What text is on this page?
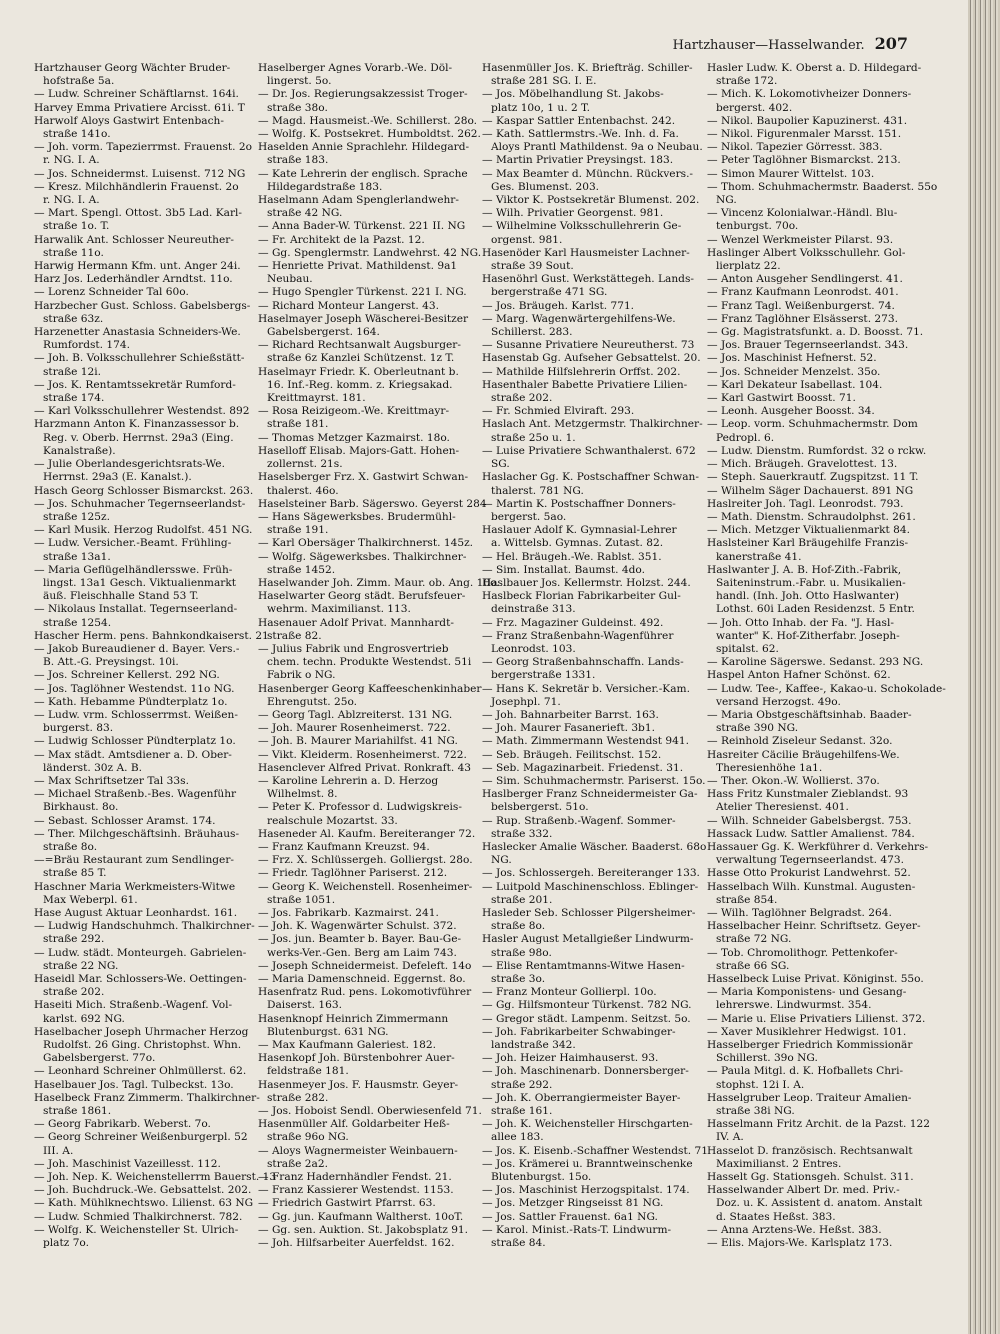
Hartzhauser—Hasselwander. 207
Hartzhauser Georg Wächter Bruder-
hofstraße 5a.
— Ludw. Schreiner Schäftlarnst. 164i.
Harvey Emma Privatiere Arcisst. 61i. T
Harwolf Aloys Gastwirt Entenbach-
straße 141o.
— Joh. vorm. Tapezierrmst. Frauenst. 2o
r. NG. I. A.
— Jos. Schneidermst. Luisenst. 712 NG
— Kresz. Milchhändlerin Frauenst. 2o
r. NG. I. A.
— Mart. Spengl. Ottost. 3b5 Lad. Karl-
straße 1o. T.
Harwalik Ant. Schlosser Neureuther-
straße 11o.
Harwig Hermann Kfm. unt. Anger 24i.
Harz Jos. Lederhändler Arndtst. 11o.
— Lorenz Schneider Tal 60o.
Harzbecher Gust. Schloss. Gabelsbergs-
straße 63z.
Harzenetter Anastasia Schneiders-We.
Rumfordst. 174.
— Joh. B. Volksschullehrer Schießstätt-
straße 12i.
— Jos. K. Rentamtssekretär Rumford-
straße 174.
— Karl Volksschullehrer Westendst. 892
Harzmann Anton K. Finanzassessor b.
Reg. v. Oberb. Herrnst. 29a3 (Eing.
Kanalstraße).
— Julie Oberlandesgerichtsrats-We.
Herrnst. 29a3 (E. Kanalst.).
Hasch Georg Schlosser Bismarckst. 263.
— Jos. Schuhmacher Tegernseerlandst-
straße 125z.
— Karl Musik. Herzog Rudolfst. 451 NG.
— Ludw. Versicher.-Beamt. Frühling-
straße 13a1.
— Maria Geflügelhändlersswe. Früh-
lingst. 13a1 Gesch. Viktualienmarkt
äuß. Fleischhalle Stand 53 T.
— Nikolaus Installat. Tegernseerland-
straße 1254.
Hascher Herm. pens. Bahnkondkaiserst. 21
— Jakob Bureaudiener d. Bayer. Vers.-
B. Att.-G. Preysingst. 10i.
— Jos. Schreiner Kellerst. 292 NG.
— Jos. Taglöhner Westendst. 11o NG.
— Kath. Hebamme Pündterplatz 1o.
— Ludw. vrm. Schlosserrmst. Weißen-
burgerst. 83.
— Ludwig Schlosser Pündterplatz 1o.
— Max städt. Amtsdiener a. D. Ober-
länderst. 30z A. B.
— Max Schriftsetzer Tal 33s.
— Michael Straßenb.-Bes. Wagenführ
Birkhaust. 8o.
— Sebast. Schlosser Aramst. 174.
— Ther. Milchgeschäftsinh. Bräuhaus-
straße 8o.
—=Bräu Restaurant zum Sendlinger-
straße 85 T.
Haschner Maria Werkmeisters-Witwe
Max Weberpl. 61.
Hase August Aktuar Leonhardst. 161.
— Ludwig Handschuhmch. Thalkirchner-
straße 292.
— Ludw. städt. Monteurgeh. Gabrielen-
straße 22 NG.
Haseidl Mar. Schlossers-We. Oettingen-
straße 202.
Haseiti Mich. Straßenb.-Wagenf. Vol-
karlst. 692 NG.
Haselbacher Joseph Uhrmacher Herzog
Rudolfst. 26 Ging. Christophst. Whn.
Gabelsbergerst. 77o.
— Leonhard Schreiner Ohlmüllerst. 62.
Haselbauer Jos. Tagl. Tulbeckst. 13o.
Haselbeck Franz Zimmerm. Thalkirchner-
straße 1861.
— Georg Fabrikarb. Weberst. 7o.
— Georg Schreiner Weißenburgerpl. 52
III. A.
— Joh. Maschinist Vazeillesst. 112.
— Joh. Nep. K. Weichenstellerrm Bauerst. 13
— Joh. Buchdruck.-We. Gebsattelst. 202.
— Kath. Mühlknechtswo. Lilienst. 63 NG
— Ludw. Schmied Thalkirchnerst. 782.
— Wolfg. K. Weichensteller St. Ulrich-
platz 7o.
Haselberger Agnes Vorarb.-We. Döl-
lingerst. 5o.
— Dr. Jos. Regierungsakzessist Troger-
straße 38o.
— Magd. Hausmeist.-We. Schillerst. 28o.
— Wolfg. K. Postsekret. Humboldtst. 262.
Haselden Annie Sprachlehr. Hildegard-
straße 183.
— Kate Lehrerin der englisch. Sprache
Hildegardstraße 183.
Haselmann Adam Spenglerlandwehr-
straße 42 NG.
— Anna Bader-W. Türkenst. 221 II. NG
— Fr. Architekt de la Pazst. 12.
— Gg. Spenglermstr. Landwehrst. 42 NG.
— Henriette Privat. Mathildenst. 9a1
Neubau.
— Hugo Spengler Türkenst. 221 I. NG.
— Richard Monteur Langerst. 43.
Haselmayer Joseph Wäscherei-Besitzer
Gabelsbergerst. 164.
— Richard Rechtsanwalt Augsburger-
straße 6z Kanzlei Schützenst. 1z T.
Haselmayr Friedr. K. Oberleutnant b.
16. Inf.-Reg. komm. z. Kriegsakad.
Kreittmayrst. 181.
— Rosa Reizigeom.-We. Kreittmayr-
straße 181.
— Thomas Metzger Kazmairst. 18o.
Haselloff Elisab. Majors-Gatt. Hohen-
zollernst. 21s.
Haselsberger Frz. X. Gastwirt Schwan-
thalerst. 46o.
Haselsteiner Barb. Sägerswo. Geyerst 284
— Hans Sägewerksbes. Brudermühl-
straße 191.
— Karl Obersäger Thalkirchnerst. 145z.
— Wolfg. Sägewerksbes. Thalkirchner-
straße 1452.
Haselwander Joh. Zimm. Maur. ob. Ang. 10o.
Haselwarter Georg städt. Berufsfeuer-
wehrm. Maximilianst. 113.
Hasenauer Adolf Privat. Mannhardt-
straße 82.
— Julius Fabrik und Engrosvertrieb
chem. techn. Produkte Westendst. 51i
Fabrik o NG.
Hasenberger Georg Kaffeeschenkinhaber
Ehrengutst. 25o.
— Georg Tagl. Ablzreiterst. 131 NG.
— Joh. Maurer Rosenheimerst. 722.
— Joh. B. Maurer Mariahilfst. 41 NG.
— Vikt. Kleiderm. Rosenheimerst. 722.
Hasenclever Alfred Privat. Ronkraft. 43
— Karoline Lehrerin a. D. Herzog
Wilhelmst. 8.
— Peter K. Professor d. Ludwigskreis-
realschule Mozartst. 33.
Haseneder Al. Kaufm. Bereiteranger 72.
— Franz Kaufmann Kreuzst. 94.
— Frz. X. Schlüssergeh. Golliergst. 28o.
— Friedr. Taglöhner Pariserst. 212.
— Georg K. Weichenstell. Rosenheimer-
straße 1051.
— Jos. Fabrikarb. Kazmairst. 241.
— Joh. K. Wagenwärter Schulst. 372.
— Jos. jun. Beamter b. Bayer. Bau-Ge-
werks-Ver.-Gen. Berg am Laim 743.
— Joseph Schneidermeist. Defeleft. 14o
— Maria Damenschneid. Eggernst. 8o.
Hasenfratz Rud. pens. Lokomotivführer
Daiserst. 163.
Hasenknopf Heinrich Zimmermann
Blutenburgst. 631 NG.
— Max Kaufmann Galeriest. 182.
Hasenkopf Joh. Bürstenbohrer Auer-
feldstraße 181.
Hasenmeyer Jos. F. Hausmstr. Geyer-
straße 282.
— Jos. Hoboist Sendl. Oberwiesenfeld 71.
Hasenmüller Alf. Goldarbeiter Heß-
straße 96o NG.
— Aloys Wagnermeister Weinbauern-
straße 2a2.
— Franz Hadernhändler Fendst. 21.
— Franz Kassierer Westendst. 1153.
— Friedrich Gastwirt Pfarrst. 63.
— Gg. jun. Kaufmann Waltherst. 10oT.
— Gg. sen. Auktion. St. Jakobsplatz 91.
— Joh. Hilfsarbeiter Auerfeldst. 162.
Hasenmüller Jos. K. Briefträg. Schiller-
straße 281 SG. I. E.
— Jos. Möbelhandlung St. Jakobs-
platz 10o, 1 u. 2 T.
— Kaspar Sattler Entenbachst. 242.
— Kath. Sattlermstrs.-We. Inh. d. Fa.
Aloys Prantl Mathildenst. 9a o Neubau.
— Martin Privatier Preysingst. 183.
— Max Beamter d. Münchn. Rückvers.-
Ges. Blumenst. 203.
— Viktor K. Postsekretär Blumenst. 202.
— Wilh. Privatier Georgenst. 981.
— Wilhelmine Volksschullehrerin Ge-
orgenst. 981.
Hasenöder Karl Hausmeister Lachner-
straße 39 Sout.
Hasenöhrl Gust. Werkstättegeh. Lands-
bergerstraße 471 SG.
— Jos. Bräugeh. Karlst. 771.
— Marg. Wagenwärtergehilfens-We.
Schillerst. 283.
— Susanne Privatiere Neureutherst. 73
Hasenstab Gg. Aufseher Gebsattelst. 20.
— Mathilde Hilfslehrerin Orffst. 202.
Hasenthaler Babette Privatiere Lilien-
straße 202.
— Fr. Schmied Elviraft. 293.
Haslach Ant. Metzgermstr. Thalkirchner-
straße 25o u. 1.
— Luise Privatiere Schwanthalerst. 672
SG.
Haslacher Gg. K. Postschaffner Schwan-
thalerst. 781 NG.
— Martin K. Postschaffner Donners-
bergerst. 5ao.
Haslauer Adolf K. Gymnasial-Lehrer
a. Wittelsb. Gymnas. Zutast. 82.
— Hel. Bräugeh.-We. Rablst. 351.
— Sim. Installat. Baumst. 4do.
Haslbauer Jos. Kellermstr. Holzst. 244.
Haslbeck Florian Fabrikarbeiter Gul-
deinstraße 313.
— Frz. Magaziner Guldeinst. 492.
— Franz Straßenbahn-Wagenführer
Leonrodst. 103.
— Georg Straßenbahnschaffn. Lands-
bergerstraße 1331.
— Hans K. Sekretär b. Versicher.-Kam.
Josephpl. 71.
— Joh. Bahnarbeiter Barrst. 163.
— Joh. Maurer Fasanerieft. 3b1.
— Math. Zimmermann Westendst 941.
— Seb. Bräugeh. Feilitschst. 152.
— Seb. Magazinarbeit. Friedenst. 31.
— Sim. Schuhmachermstr. Pariserst. 15o.
Haslberger Franz Schneidermeister Ga-
belsbergerst. 51o.
— Rup. Straßenb.-Wagenf. Sommer-
straße 332.
Haslecker Amalie Wäscher. Baaderst. 68o
NG.
— Jos. Schlossergeh. Bereiteranger 133.
— Luitpold Maschinenschloss. Eblinger-
straße 201.
Hasleder Seb. Schlosser Pilgersheimer-
straße 8o.
Hasler August Metallgießer Lindwurm-
straße 98o.
— Elise Rentamtmanns-Witwe Hasen-
straße 3o.
— Franz Monteur Gollierpl. 10o.
— Gg. Hilfsmonteur Türkenst. 782 NG.
— Gregor städt. Lampenm. Seitzst. 5o.
— Joh. Fabrikarbeiter Schwabinger-
landstraße 342.
— Joh. Heizer Haimhauserst. 93.
— Joh. Maschinenarb. Donnersberger-
straße 292.
— Joh. K. Oberrangiermeister Bayer-
straße 161.
— Joh. K. Weichensteller Hirschgarten-
allee 183.
— Jos. K. Eisenb.-Schaffner Westendst. 71
— Jos. Krämerei u. Branntweinschenke
Blutenburgst. 15o.
— Jos. Maschinist Herzogspitalst. 174.
— Jos. Metzger Ringseisst 81 NG.
— Jos. Sattler Frauenst. 6a1 NG.
— Karol. Minist.-Rats-T. Lindwurm-
straße 84.
Hasler Ludw. K. Oberst a. D. Hildegard-
straße 172.
— Mich. K. Lokomotivheizer Donners-
bergerst. 402.
— Nikol. Baupolier Kapuzinerst. 431.
— Nikol. Figurenmaler Marsst. 151.
— Nikol. Tapezier Görresst. 383.
— Peter Taglöhner Bismarckst. 213.
— Simon Maurer Wittelst. 103.
— Thom. Schuhmachermstr. Baaderst. 55o
NG.
— Vincenz Kolonialwar.-Händl. Blu-
tenburgst. 70o.
— Wenzel Werkmeister Pilarst. 93.
Haslinger Albert Volksschullehr. Gol-
lierplatz 22.
— Anton Ausgeher Sendlingerst. 41.
— Franz Kaufmann Leonrodst. 401.
— Franz Tagl. Weißenburgerst. 74.
— Franz Taglöhner Elsässerst. 273.
— Gg. Magistratsfunkt. a. D. Boosst. 71.
— Jos. Brauer Tegernseerlandst. 343.
— Jos. Maschinist Hefnerst. 52.
— Jos. Schneider Menzelst. 35o.
— Karl Dekateur Isabellast. 104.
— Karl Gastwirt Boosst. 71.
— Leonh. Ausgeher Boosst. 34.
— Leop. vorm. Schuhmachermstr. Dom
Pedropl. 6.
— Ludw. Dienstm. Rumfordst. 32 o rckw.
— Mich. Bräugeh. Gravelottest. 13.
— Steph. Sauerkrautf. Zugspitzst. 11 T.
— Wilhelm Säger Dachauerst. 891 NG
Haslreiter Joh. Tagl. Leonrodst. 793.
— Math. Dienstm. Schraudolphst. 261.
— Mich. Metzger Viktualienmarkt 84.
Haslsteiner Karl Bräugehilfe Franzis-
kanerstraße 41.
Haslwanter J. A. B. Hof-Zith.-Fabrik,
Saiteninstrum.-Fabr. u. Musikalien-
handl. (Inh. Joh. Otto Haslwanter)
Lothst. 60i Laden Residenzst. 5 Entr.
— Joh. Otto Inhab. der Fa. "J. Hasl-
wanter" K. Hof-Zitherfabr. Joseph-
spitalst. 62.
— Karoline Sägerswe. Sedanst. 293 NG.
Haspel Anton Hafner Schönst. 62.
— Ludw. Tee-, Kaffee-, Kakao-u. Schokolade-
versand Herzogst. 49o.
— Maria Obstgeschäftsinhab. Baader-
straße 390 NG.
— Reinhold Ziseleur Sedanst. 32o.
Hasreiter Cäcilie Bräugehilfens-We.
Theresienhöhe 1a1.
— Ther. Okon.-W. Wollierst. 37o.
Hass Fritz Kunstmaler Zieblandst. 93
Atelier Theresienst. 401.
— Wilh. Schneider Gabelsbergst. 753.
Hassack Ludw. Sattler Amalienst. 784.
Hassauer Gg. K. Werkführer d. Verkehrs-
verwaltung Tegernseerlandst. 473.
Hasse Otto Prokurist Landwehrst. 52.
Hasselbach Wilh. Kunstmal. Augusten-
straße 854.
— Wilh. Taglöhner Belgradst. 264.
Hasselbacher Heinr. Schriftsetz. Geyer-
straße 72 NG.
— Tob. Chromolithogr. Pettenkofer-
straße 66 SG.
Hasselbeck Luise Privat. Königinst. 55o.
— Maria Komponistens- und Gesang-
lehrerswe. Lindwurmst. 354.
— Marie u. Elise Privatiers Lilienst. 372.
— Xaver Musiklehrer Hedwigst. 101.
Hasselberger Friedrich Kommissionär
Schillerst. 39o NG.
— Paula Mitgl. d. K. Hofballets Chri-
stophst. 12i I. A.
Hasselgruber Leop. Traiteur Amalien-
straße 38i NG.
Hasselmann Fritz Archit. de la Pazst. 122
IV. A.
Hasselot D. französisch. Rechtsanwalt
Maximilianst. 2 Entres.
Hasselt Gg. Stationsgeh. Schulst. 311.
Hasselwander Albert Dr. med. Priv.-
Doz. u. K. Assistent d. anatom. Anstalt
d. Staates Heßst. 383.
— Anna Arztens-We. Heßst. 383.
— Elis. Majors-We. Karlsplatz 173.
